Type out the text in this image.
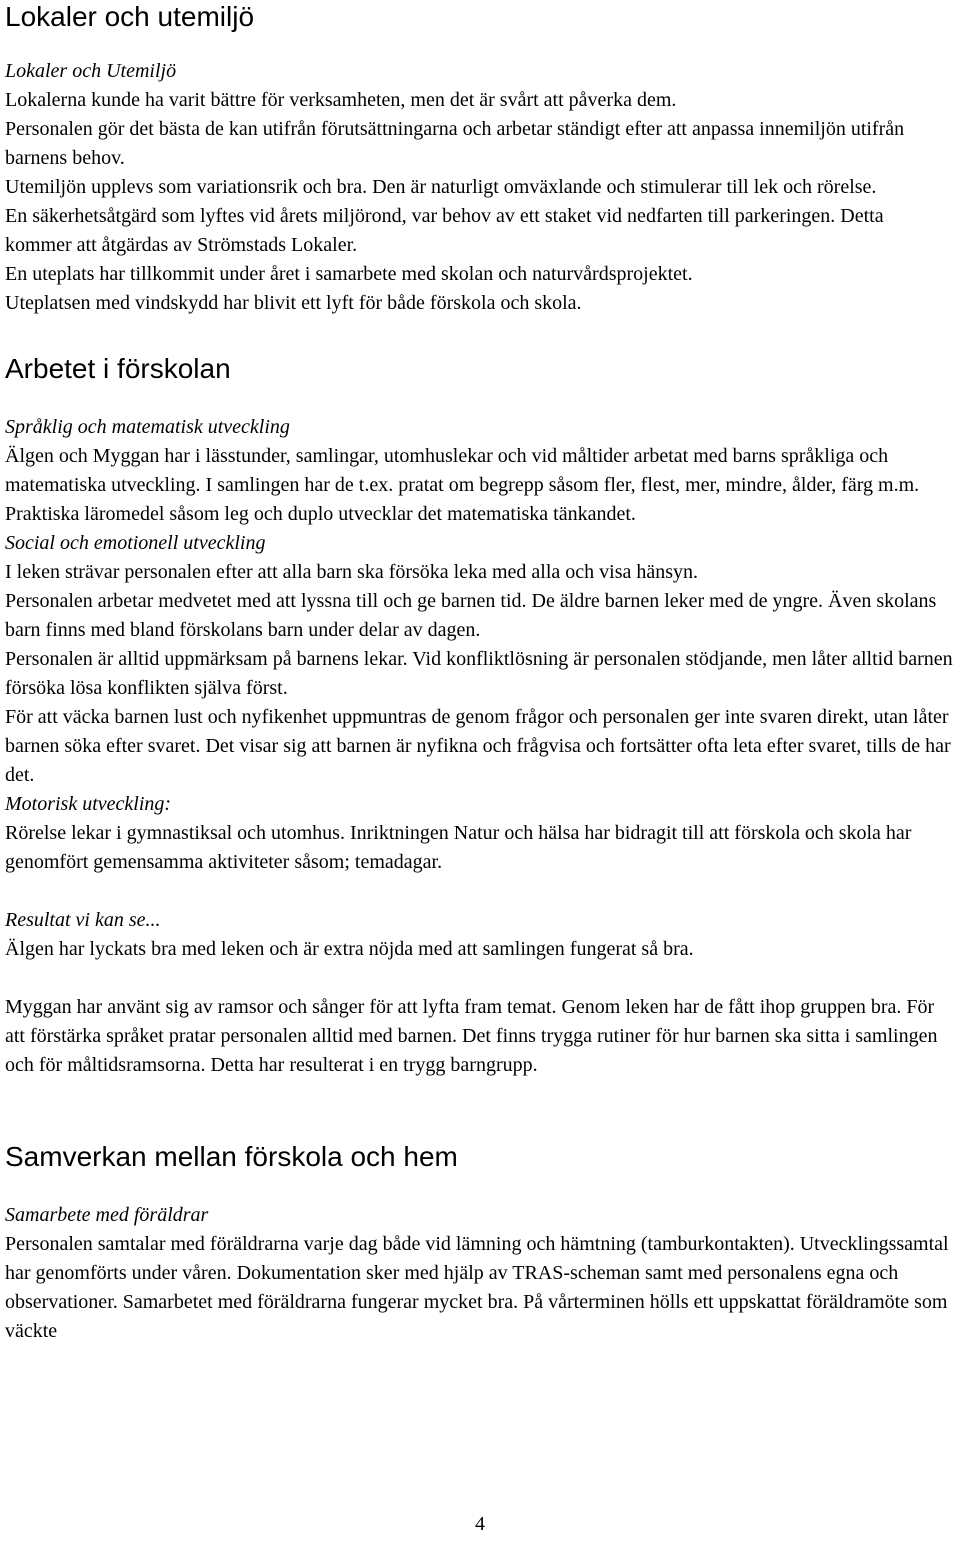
Lokaler och utemiljö

Lokaler och Utemiljö

Lokalerna kunde ha varit bättre för verksamheten, men det är svårt att påverka dem.

Personalen gör det bästa de kan utifrån förutsättningarna och arbetar ständigt efter att anpassa innemiljön utifrån barnens behov.

Utemiljön upplevs som variationsrik och bra. Den är naturligt omväxlande och stimulerar till lek och rörelse.

En säkerhetsåtgärd som lyftes vid årets miljörond, var behov av ett staket vid nedfarten till parkeringen. Detta kommer att åtgärdas av Strömstads Lokaler.

En uteplats har tillkommit under året i samarbete med skolan och naturvårdsprojektet.

Uteplatsen med vindskydd har blivit ett lyft för både förskola och skola.

Arbetet i förskolan

Språklig och matematisk utveckling

Älgen och Myggan har i lässtunder, samlingar, utomhuslekar och vid måltider arbetat med barns språkliga och matematiska utveckling. I samlingen har de t.ex. pratat om begrepp såsom fler, flest, mer, mindre, ålder, färg m.m. Praktiska läromedel såsom leg och duplo utvecklar det matematiska tänkandet.

Social och emotionell utveckling

I leken strävar personalen efter att alla barn ska försöka leka med alla och visa hänsyn.

Personalen arbetar medvetet med att lyssna till och ge barnen tid. De äldre barnen leker med de yngre. Även skolans barn finns med bland förskolans barn under delar av dagen.

Personalen är alltid uppmärksam på barnens lekar. Vid konfliktlösning är personalen stödjande, men låter alltid barnen försöka lösa konflikten själva först.

För att väcka barnen lust och nyfikenhet uppmuntras de genom frågor och personalen ger inte svaren direkt, utan låter barnen söka efter svaret. Det visar sig att barnen är nyfikna och frågvisa och fortsätter ofta leta efter svaret, tills de har det.

Motorisk utveckling:

Rörelse lekar i gymnastiksal och utomhus. Inriktningen Natur och hälsa har bidragit till att förskola och skola har genomfört gemensamma aktiviteter såsom; temadagar.

Resultat vi kan se...

Älgen har lyckats bra med leken och är extra nöjda med att samlingen fungerat så bra.

Myggan har använt sig av ramsor och sånger för att lyfta fram temat. Genom leken har de fått ihop gruppen bra. För att förstärka språket pratar personalen alltid med barnen. Det finns trygga rutiner för hur barnen ska sitta i samlingen och för måltidsramsorna. Detta har resulterat i en trygg barngrupp.

Samverkan mellan förskola och hem

Samarbete med föräldrar

Personalen samtalar med föräldrarna varje dag både vid lämning och hämtning (tamburkontakten). Utvecklingssamtal har genomförts under våren. Dokumentation sker med hjälp av TRAS-scheman samt med personalens egna och observationer. Samarbetet med föräldrarna fungerar mycket bra. På vårterminen hölls ett uppskattat föräldramöte som väckte

4
